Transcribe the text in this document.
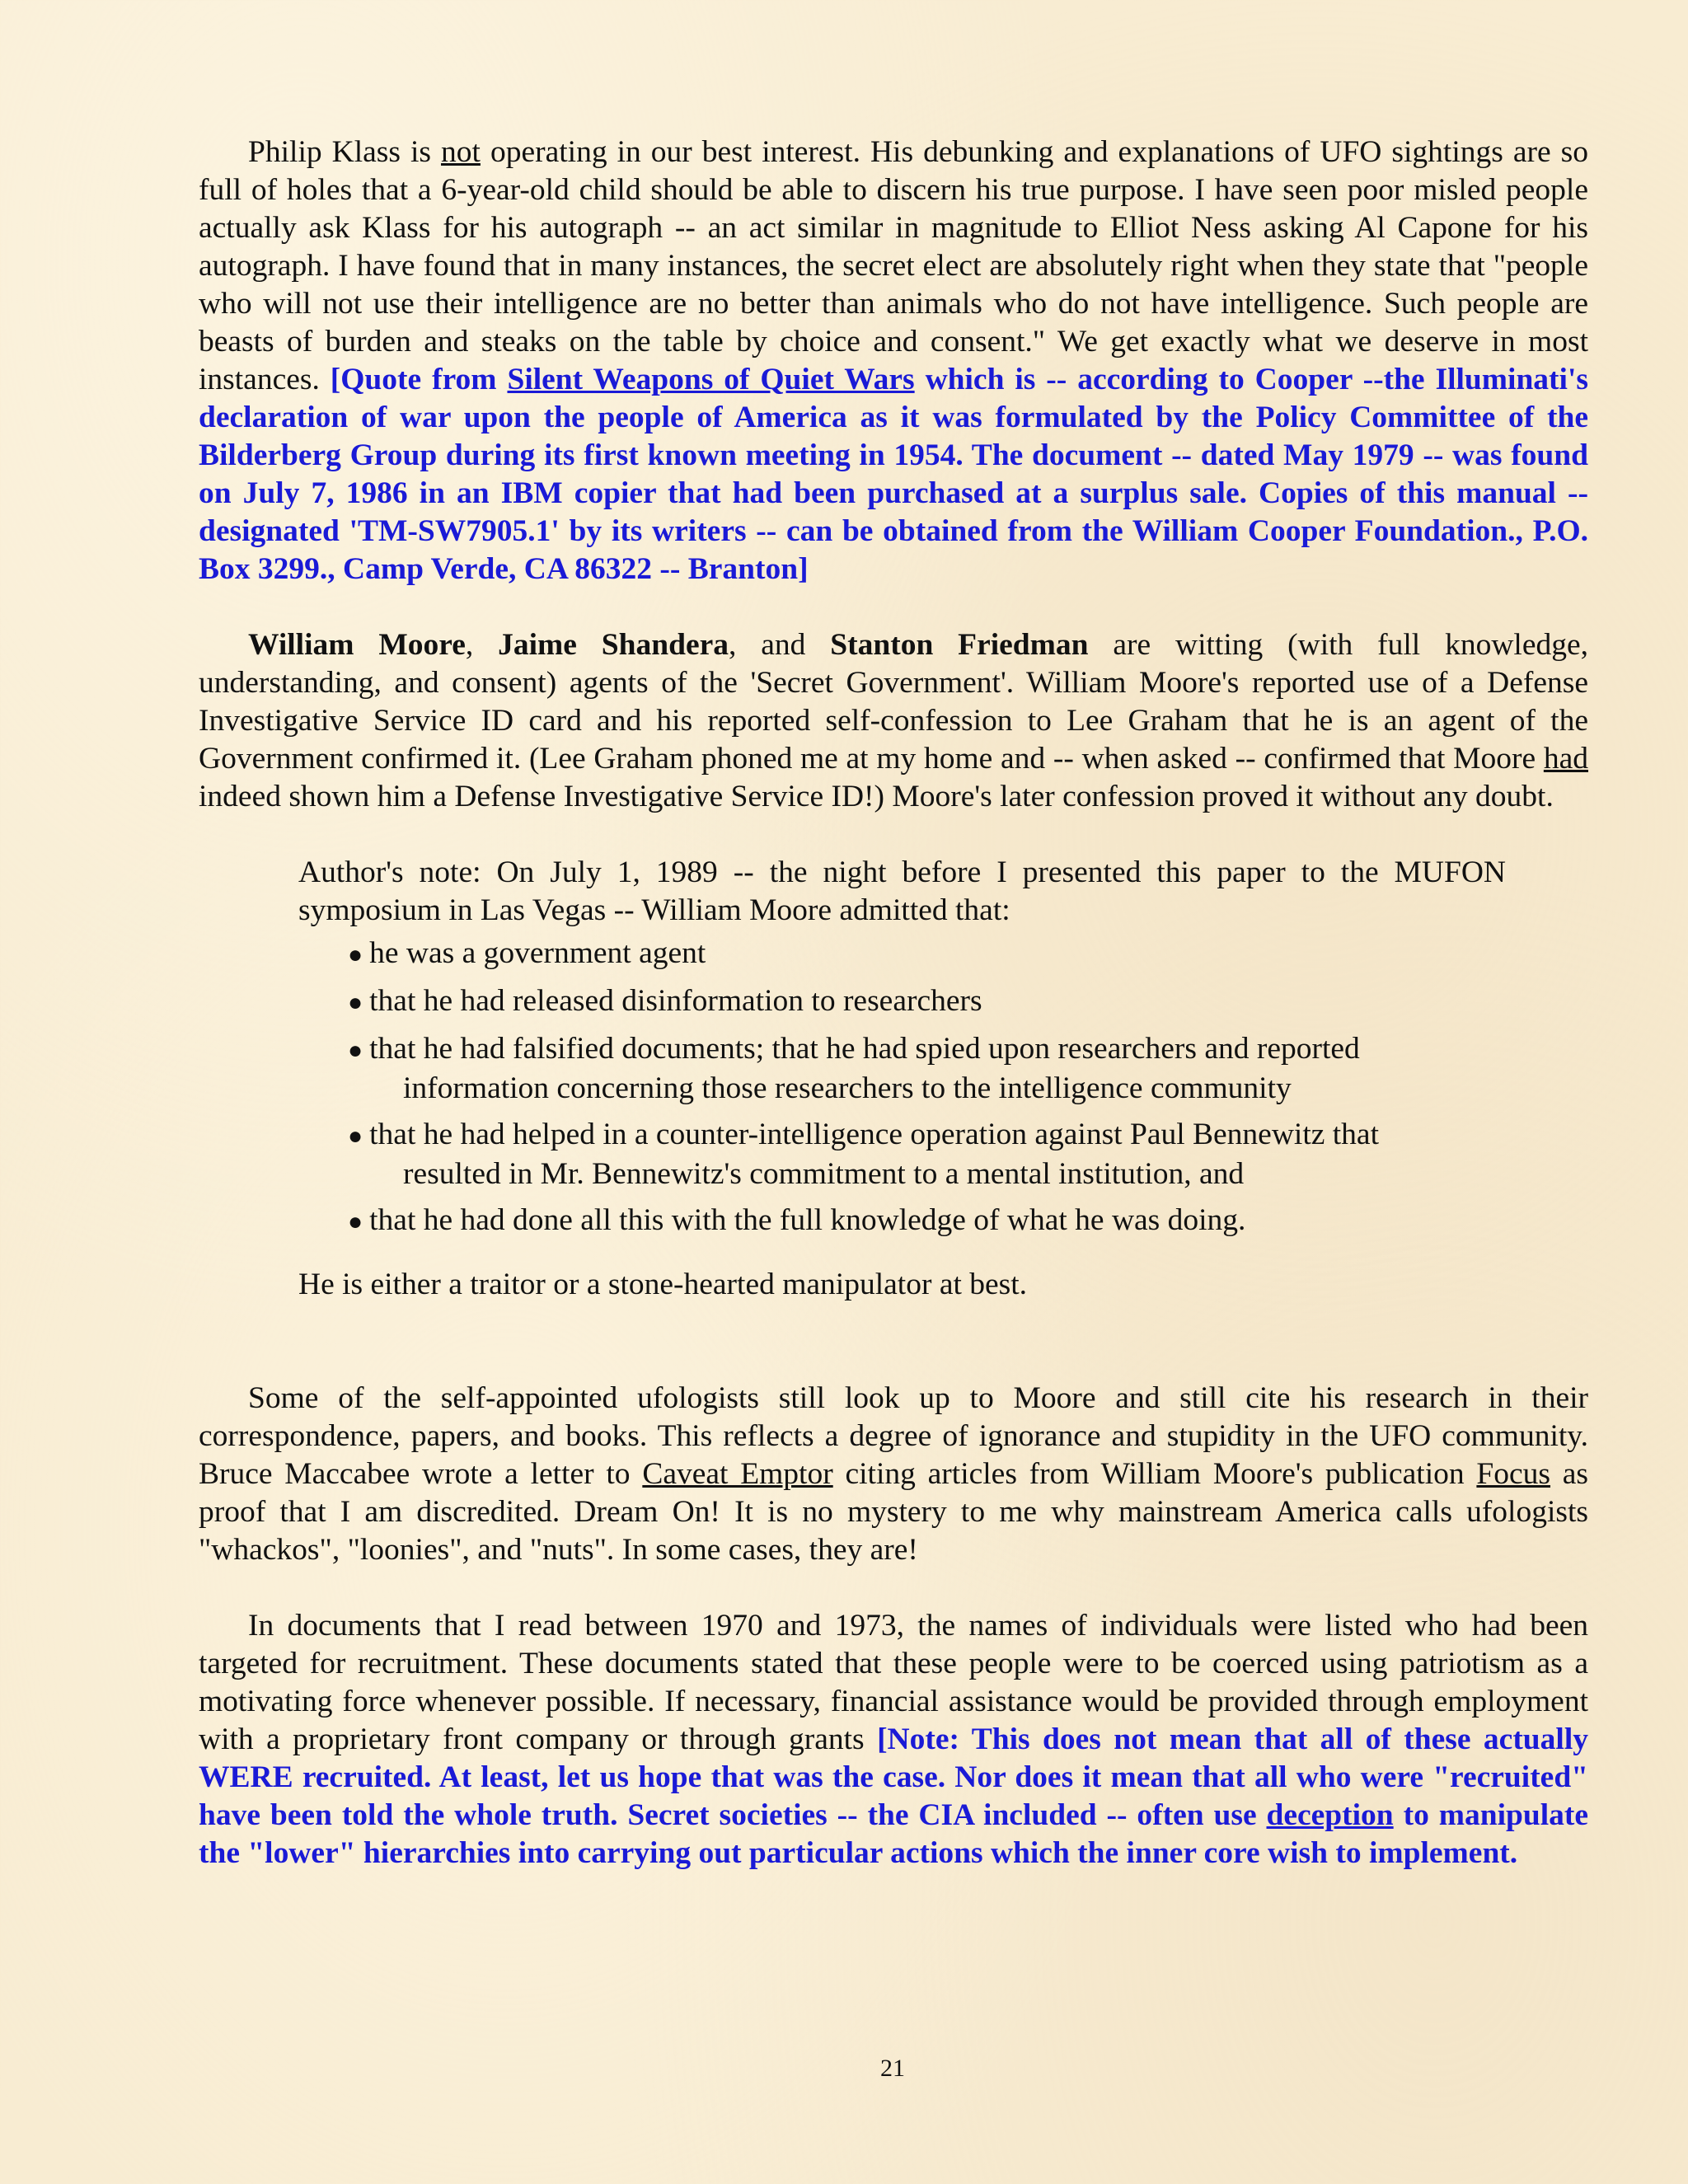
Philip Klass is not operating in our best interest. His debunking and explanations of UFO sightings are so full of holes that a 6-year-old child should be able to discern his true purpose. I have seen poor misled people actually ask Klass for his autograph -- an act similar in magnitude to Elliot Ness asking Al Capone for his autograph. I have found that in many instances, the secret elect are absolutely right when they state that "people who will not use their intelligence are no better than animals who do not have intelligence. Such people are beasts of burden and steaks on the table by choice and consent." We get exactly what we deserve in most instances. [Quote from Silent Weapons of Quiet Wars which is -- according to Cooper --the Illuminati's declaration of war upon the people of America as it was formulated by the Policy Committee of the Bilderberg Group during its first known meeting in 1954. The document -- dated May 1979 -- was found on July 7, 1986 in an IBM copier that had been purchased at a surplus sale. Copies of this manual -- designated 'TM-SW7905.1' by its writers -- can be obtained from the William Cooper Foundation., P.O. Box 3299., Camp Verde, CA 86322 -- Branton]

William Moore, Jaime Shandera, and Stanton Friedman are witting (with full knowledge, understanding, and consent) agents of the 'Secret Government'. William Moore's reported use of a Defense Investigative Service ID card and his reported self-confession to Lee Graham that he is an agent of the Government confirmed it. (Lee Graham phoned me at my home and -- when asked -- confirmed that Moore had indeed shown him a Defense Investigative Service ID!) Moore's later confession proved it without any doubt.

Author's note: On July 1, 1989 -- the night before I presented this paper to the MUFON symposium in Las Vegas -- William Moore admitted that:

● he was a government agent
● that he had released disinformation to researchers
● that he had falsified documents; that he had spied upon researchers and reported
information concerning those researchers to the intelligence community
● that he had helped in a counter-intelligence operation against Paul Bennewitz that
resulted in Mr. Bennewitz's commitment to a mental institution, and
● that he had done all this with the full knowledge of what he was doing.

He is either a traitor or a stone-hearted manipulator at best.

Some of the self-appointed ufologists still look up to Moore and still cite his research in their correspondence, papers, and books. This reflects a degree of ignorance and stupidity in the UFO community. Bruce Maccabee wrote a letter to Caveat Emptor citing articles from William Moore's publication Focus as proof that I am discredited. Dream On! It is no mystery to me why mainstream America calls ufologists "whackos", "loonies", and "nuts". In some cases, they are!

In documents that I read between 1970 and 1973, the names of individuals were listed who had been targeted for recruitment. These documents stated that these people were to be coerced using patriotism as a motivating force whenever possible. If necessary, financial assistance would be provided through employment with a proprietary front company or through grants [Note: This does not mean that all of these actually WERE recruited. At least, let us hope that was the case. Nor does it mean that all who were "recruited" have been told the whole truth. Secret societies -- the CIA included -- often use deception to manipulate the "lower" hierarchies into carrying out particular actions which the inner core wish to implement.

21
